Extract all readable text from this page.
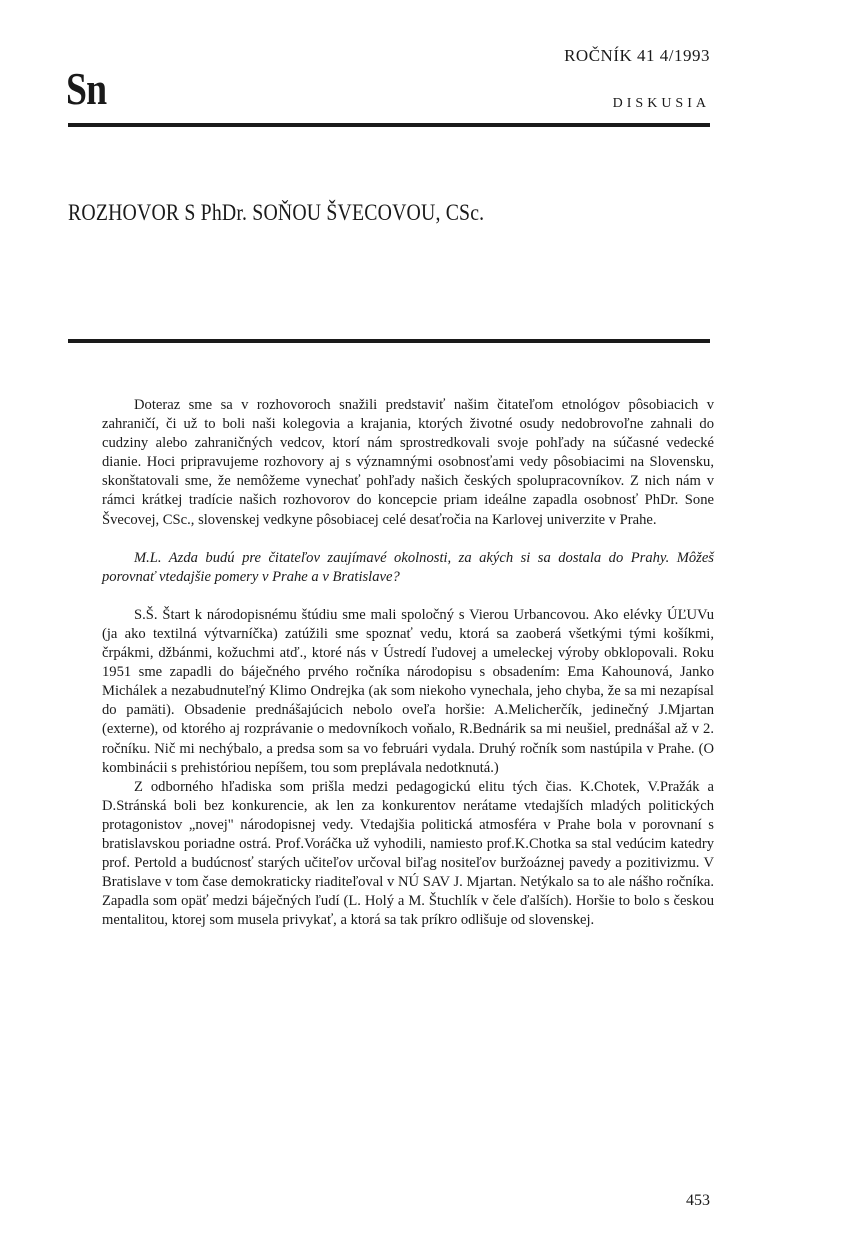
Sn
ROČNÍK 41 4/1993
DISKUSIA
ROZHOVOR S PhDr. SOŇOU ŠVECOVOU, CSc.

Doteraz sme sa v rozhovoroch snažili predstaviť našim čitateľom etnológov pôsobiacich v zahraničí, či už to boli naši kolegovia a krajania, ktorých životné osudy nedobrovoľne zahnali do cudziny alebo zahraničných vedcov, ktorí nám sprostredkovali svoje pohľady na súčasné vedecké dianie. Hoci pripravujeme rozhovory aj s významnými osobnosťami vedy pôsobiacimi na Slovensku, skonštatovali sme, že nemôžeme vynechať pohľady našich českých spolupracovníkov. Z nich nám v rámci krátkej tradície našich rozhovorov do koncepcie priam ideálne zapadla osobnosť PhDr. Sone Švecovej, CSc., slovenskej vedkyne pôsobiacej celé desaťročia na Karlovej univerzite v Prahe.

M.L. Azda budú pre čitateľov zaujímavé okolnosti, za akých si sa dostala do Prahy. Môžeš porovnať vtedajšie pomery v Prahe a v Bratislave?

S.Š. Štart k národopisnému štúdiu sme mali spoločný s Vierou Urbancovou. Ako elévky ÚĽUVu (ja ako textilná výtvarníčka) zatúžili sme spoznať vedu, ktorá sa zaoberá všetkými tými košíkmi, črpákmi, džbánmi, kožuchmi atď., ktoré nás v Ústredí ľudovej a umeleckej výroby obklopovali. Roku 1951 sme zapadli do báječného prvého ročníka národopisu s obsadením: Ema Kahounová, Janko Michálek a nezabudnuteľný Klimo Ondrejka (ak som niekoho vynechala, jeho chyba, že sa mi nezapísal do pamäti). Obsadenie prednášajúcich nebolo oveľa horšie: A.Melicherčík, jedinečný J.Mjartan (externe), od ktorého aj rozprávanie o medovníkoch voňalo, R.Bednárik sa mi neušiel, prednášal až v 2. ročníku. Nič mi nechýbalo, a predsa som sa vo februári vydala. Druhý ročník som nastúpila v Prahe. (O kombinácii s prehistóriou nepíšem, tou som preplávala nedotknutá.)

Z odborného hľadiska som prišla medzi pedagogickú elitu tých čias. K.Chotek, V.Pražák a D.Stránská boli bez konkurencie, ak len za konkurentov nerátame vtedajších mladých politických protagonistov „novej" národopisnej vedy. Vtedajšia politická atmosféra v Prahe bola v porovnaní s bratislavskou poriadne ostrá. Prof.Voráčka už vyhodili, namiesto prof.K.Chotka sa stal vedúcim katedry prof. Pertold a budúcnosť starých učiteľov určoval biľag nositeľov buržoáznej pavedy a pozitivizmu. V Bratislave v tom čase demokraticky riaditeľoval v NÚ SAV J. Mjartan. Netýkalo sa to ale nášho ročníka. Zapadla som opäť medzi báječných ľudí (L. Holý a M. Štuchlík v čele ďalších). Horšie to bolo s českou mentalitou, ktorej som musela privykať, a ktorá sa tak príkro odlišuje od slovenskej.

453
